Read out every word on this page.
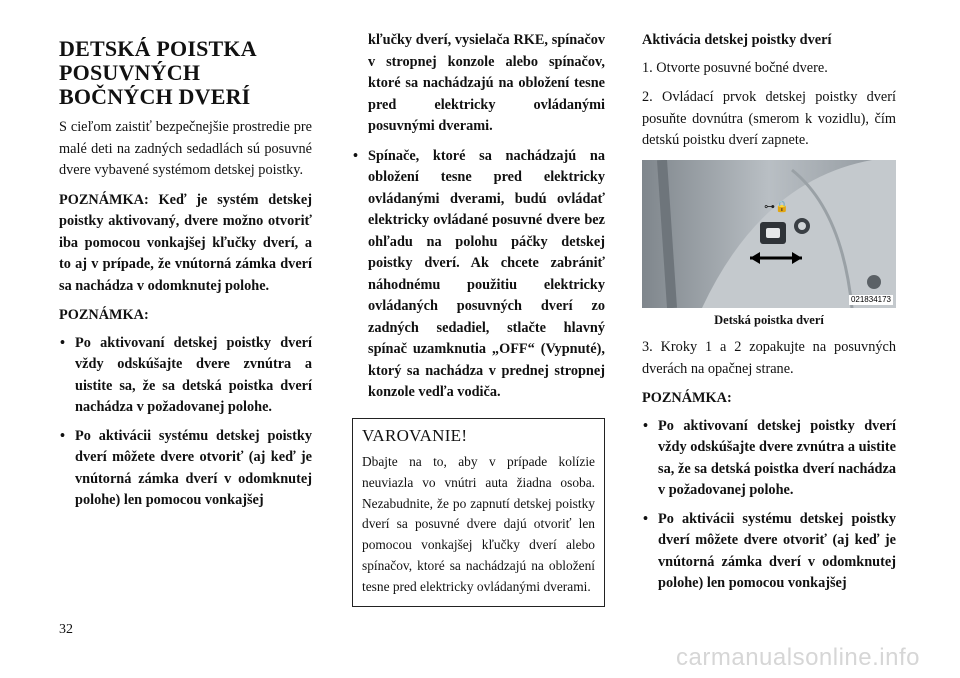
DETSKÁ POISTKA POSUVNÝCH BOČNÝCH DVERÍ

S cieľom zaistiť bezpečnejšie prostredie pre malé deti na zadných sedadlách sú posuvné dvere vybavené systémom detskej poistky.

POZNÁMKA: Keď je systém detskej poistky aktivovaný, dvere možno otvoriť iba pomocou vonkajšej kľučky dverí, a to aj v prípade, že vnútorná zámka dverí sa nachádza v odomknutej polohe.

POZNÁMKA:

• Po aktivovaní detskej poistky dverí vždy odskúšajte dvere zvnútra a uistite sa, že sa detská poistka dverí nachádza v požadovanej polohe.
• Po aktivácii systému detskej poistky dverí môžete dvere otvoriť (aj keď je vnútorná zámka dverí v odomknutej polohe) len pomocou vonkajšej

kľučky dverí, vysielača RKE, spínačov v stropnej konzole alebo spínačov, ktoré sa nachádzajú na obložení tesne pred elektricky ovládanými posuvnými dverami.

• Spínače, ktoré sa nachádzajú na obložení tesne pred elektricky ovládanými dverami, budú ovládať elektricky ovládané posuvné dvere bez ohľadu na polohu páčky detskej poistky dverí. Ak chcete zabrániť náhodnému použitiu elektricky ovládaných posuvných dverí zo zadných sedadiel, stlačte hlavný spínač uzamknutia „OFF“ (Vypnuté), ktorý sa nachádza v prednej stropnej konzole vedľa vodiča.
VAROVANIE!

Dbajte na to, aby v prípade kolízie neuviazla vo vnútri auta žiadna osoba. Nezabudnite, že po zapnutí detskej poistky dverí sa posuvné dvere dajú otvoriť len pomocou vonkajšej kľučky dverí alebo spínačov, ktoré sa nachádzajú na obložení tesne pred elektricky ovládanými dverami.

Aktivácia detskej poistky dverí

1. Otvorte posuvné bočné dvere.

2. Ovládací prvok detskej poistky dverí posuňte dovnútra (smerom k vozidlu), čím detskú poistku dverí zapnete.

⊶🔒
021834173

Detská poistka dverí

3. Kroky 1 a 2 zopakujte na posuvných dverách na opačnej strane.

POZNÁMKA:

• Po aktivovaní detskej poistky dverí vždy odskúšajte dvere zvnútra a uistite sa, že sa detská poistka dverí nachádza v požadovanej polohe.
• Po aktivácii systému detskej poistky dverí môžete dvere otvoriť (aj keď je vnútorná zámka dverí v odomknutej polohe) len pomocou vonkajšej
32
carmanualsonline.info
